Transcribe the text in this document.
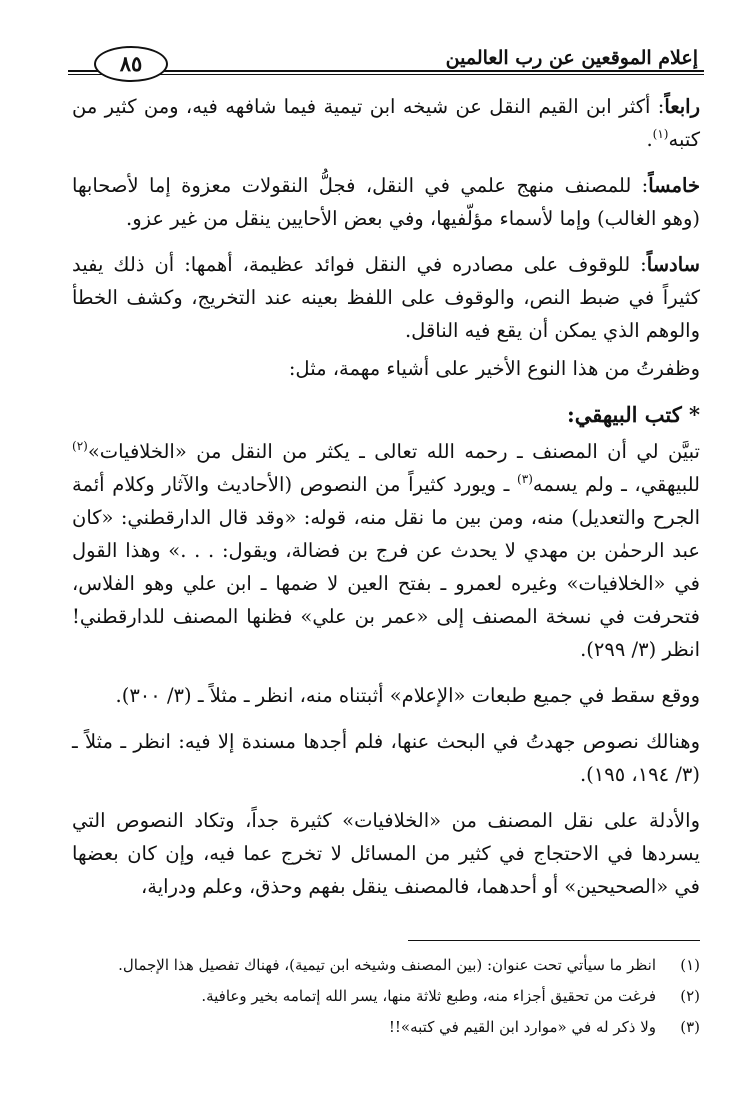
إعلام الموقعين عن رب العالمين
٨٥

رابعاً: أكثر ابن القيم النقل عن شيخه ابن تيمية فيما شافهه فيه، ومن كثير من كتبه$^{(١)}$.

خامساً: للمصنف منهج علمي في النقل، فجلُّ النقولات معزوة إما لأصحابها (وهو الغالب) وإما لأسماء مؤلّفيها، وفي بعض الأحايين ينقل من غير عزو.

سادساً: للوقوف على مصادره في النقل فوائد عظيمة، أهمها: أن ذلك يفيد كثيراً في ضبط النص، والوقوف على اللفظ بعينه عند التخريج، وكشف الخطأ والوهم الذي يمكن أن يقع فيه الناقل.

وظفرتُ من هذا النوع الأخير على أشياء مهمة، مثل:

* كتب البيهقي:

تبيَّن لي أن المصنف ـ رحمه الله تعالى ـ يكثر من النقل من «الخلافيات»$^{(٢)}$ للبيهقي، ـ ولم يسمه$^{(٣)}$ ـ ويورد كثيراً من النصوص (الأحاديث والآثار وكلام أئمة الجرح والتعديل) منه، ومن بين ما نقل منه، قوله: «وقد قال الدارقطني: «كان عبد الرحمٰن بن مهدي لا يحدث عن فرج بن فضالة، ويقول: . . .» وهذا القول في «الخلافيات» وغيره لعمرو ـ بفتح العين لا ضمها ـ ابن علي وهو الفلاس، فتحرفت في نسخة المصنف إلى «عمر بن علي» فظنها المصنف للدارقطني! انظر (٣/ ٢٩٩).

ووقع سقط في جميع طبعات «الإعلام» أثبتناه منه، انظر ـ مثلاً ـ (٣/ ٣٠٠).

وهنالك نصوص جهدتُ في البحث عنها، فلم أجدها مسندة إلا فيه: انظر ـ مثلاً ـ (٣/ ١٩٤، ١٩٥).

والأدلة على نقل المصنف من «الخلافيات» كثيرة جداً، وتكاد النصوص التي يسردها في الاحتجاج في كثير من المسائل لا تخرج عما فيه، وإن كان بعضها في «الصحيحين» أو أحدهما، فالمصنف ينقل بفهم وحذق، وعلم ودراية،

(١)
انظر ما سيأتي تحت عنوان: (بين المصنف وشيخه ابن تيمية)، فهناك تفصيل هذا الإجمال.
(٢)
فرغت من تحقيق أجزاء منه، وطبع ثلاثة منها، يسر الله إتمامه بخير وعافية.
(٣)
ولا ذكر له في «موارد ابن القيم في كتبه»!!
